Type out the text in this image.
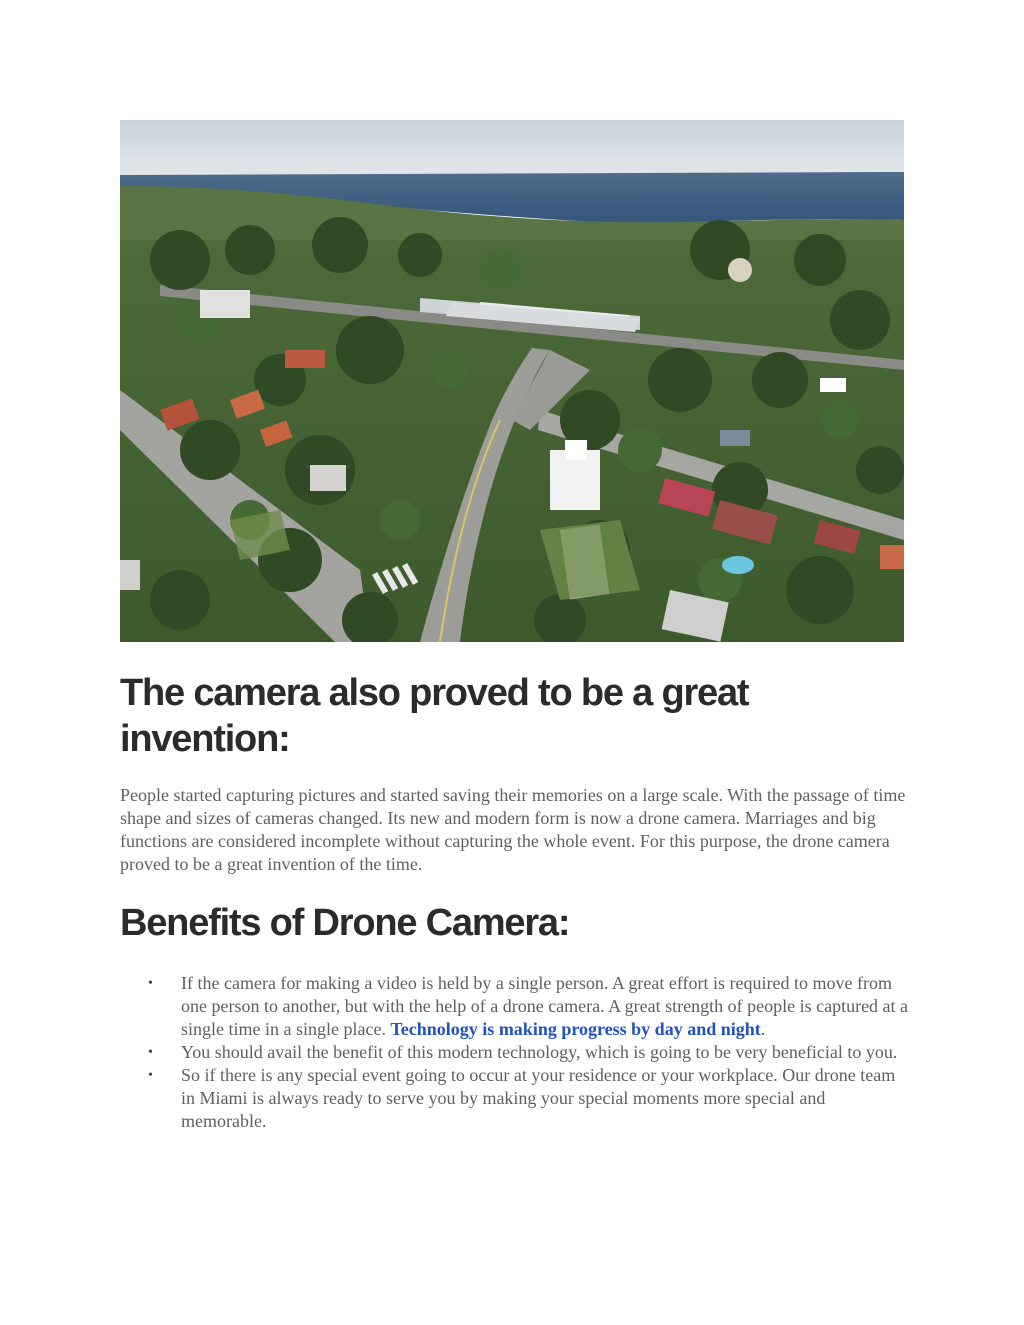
The camera also proved to be a great invention:

People started capturing pictures and started saving their memories on a large scale. With the passage of time shape and sizes of cameras changed. Its new and modern form is now a drone camera. Marriages and big functions are considered incomplete without capturing the whole event. For this purpose, the drone camera proved to be a great invention of the time.

Benefits of Drone Camera:
• If the camera for making a video is held by a single person. A great effort is required to move from one person to another, but with the help of a drone camera. A great strength of people is captured at a single time in a single place. Technology is making progress by day and night.
• You should avail the benefit of this modern technology, which is going to be very beneficial to you.
• So if there is any special event going to occur at your residence or your workplace. Our drone team in Miami is always ready to serve you by making your special moments more special and memorable.
